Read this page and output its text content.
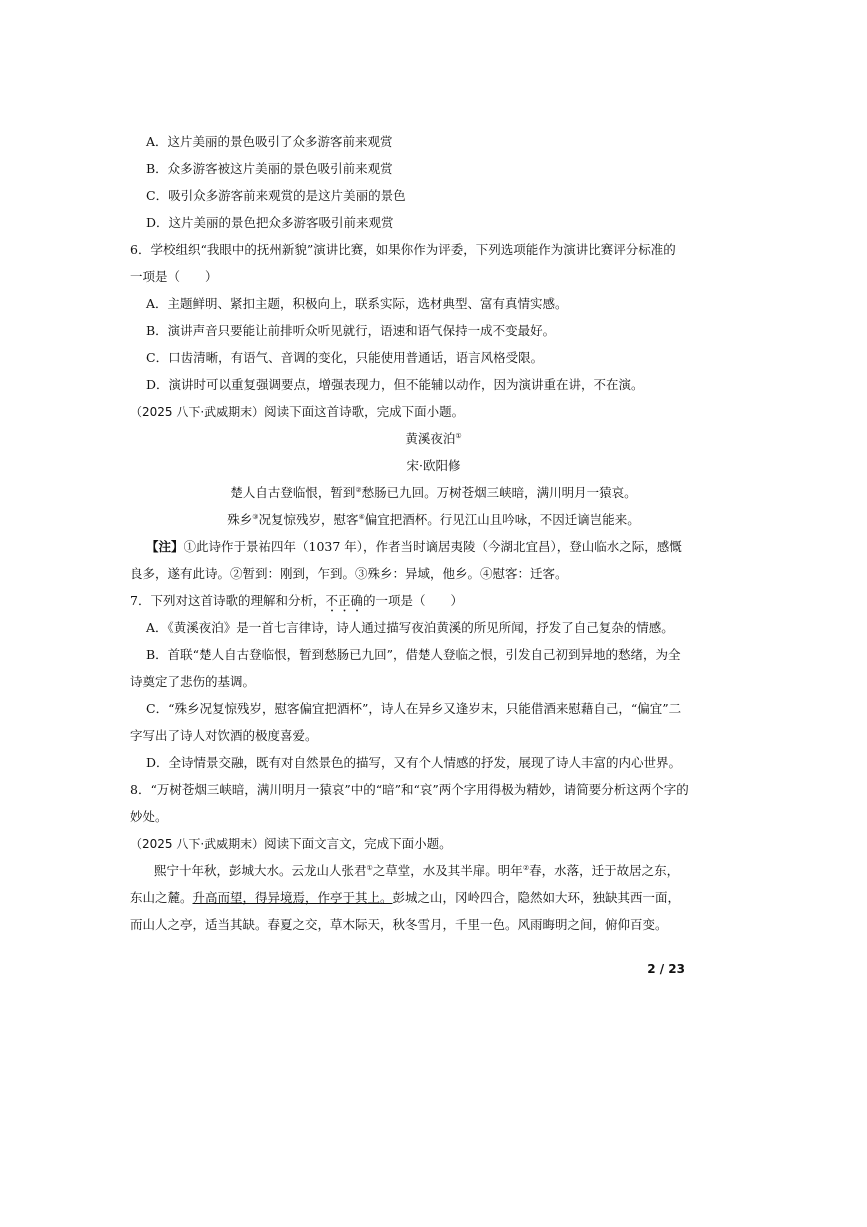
A．这片美丽的景色吸引了众多游客前来观赏
B．众多游客被这片美丽的景色吸引前来观赏
C．吸引众多游客前来观赏的是这片美丽的景色
D．这片美丽的景色把众多游客吸引前来观赏
6．学校组织“我眼中的抚州新貌”演讲比赛，如果你作为评委，下列选项能作为演讲比赛评分标准的
一项是（　　）
A．主题鲜明、紧扣主题，积极向上，联系实际，选材典型、富有真情实感。
B．演讲声音只要能让前排听众听见就行，语速和语气保持一成不变最好。
C．口齿清晰，有语气、音调的变化，只能使用普通话，语言风格受限。
D．演讲时可以重复强调要点，增强表现力，但不能辅以动作，因为演讲重在讲，不在演。
（2025 八下·武威期末）阅读下面这首诗歌，完成下面小题。
黄溪夜泊①
宋·欧阳修
楚人自古登临恨，暂到②愁肠已九回。万树苍烟三峡暗，满川明月一猿哀。
殊乡③况复惊残岁，慰客④偏宜把酒杯。行见江山且吟咏，不因迁谪岂能来。
【注】①此诗作于景祐四年（1037 年），作者当时谪居夷陵（今湖北宜昌），登山临水之际，感慨
良多，遂有此诗。②暂到：刚到，乍到。③殊乡：异域，他乡。④慰客：迁客。
7．下列对这首诗歌的理解和分析，不正确的一项是（　　）
A．《黄溪夜泊》是一首七言律诗，诗人通过描写夜泊黄溪的所见所闻，抒发了自己复杂的情感。
B．首联“楚人自古登临恨，暂到愁肠已九回”，借楚人登临之恨，引发自己初到异地的愁绪，为全
诗奠定了悲伤的基调。
C．“殊乡况复惊残岁，慰客偏宜把酒杯”，诗人在异乡又逢岁末，只能借酒来慰藉自己，“偏宜”二
字写出了诗人对饮酒的极度喜爱。
D．全诗情景交融，既有对自然景色的描写，又有个人情感的抒发，展现了诗人丰富的内心世界。
8．“万树苍烟三峡暗，满川明月一猿哀”中的“暗”和“哀”两个字用得极为精妙，请简要分析这两个字的
妙处。
（2025 八下·武威期末）阅读下面文言文，完成下面小题。
熙宁十年秋，彭城大水。云龙山人张君①之草堂，水及其半扉。明年②春，水落，迁于故居之东，
东山之麓。升高而望，得异境焉，作亭于其上。彭城之山，冈岭四合，隐然如大环，独缺其西一面，
而山人之亭，适当其缺。春夏之交，草木际天，秋冬雪月，千里一色。风雨晦明之间，俯仰百变。
2 / 23
